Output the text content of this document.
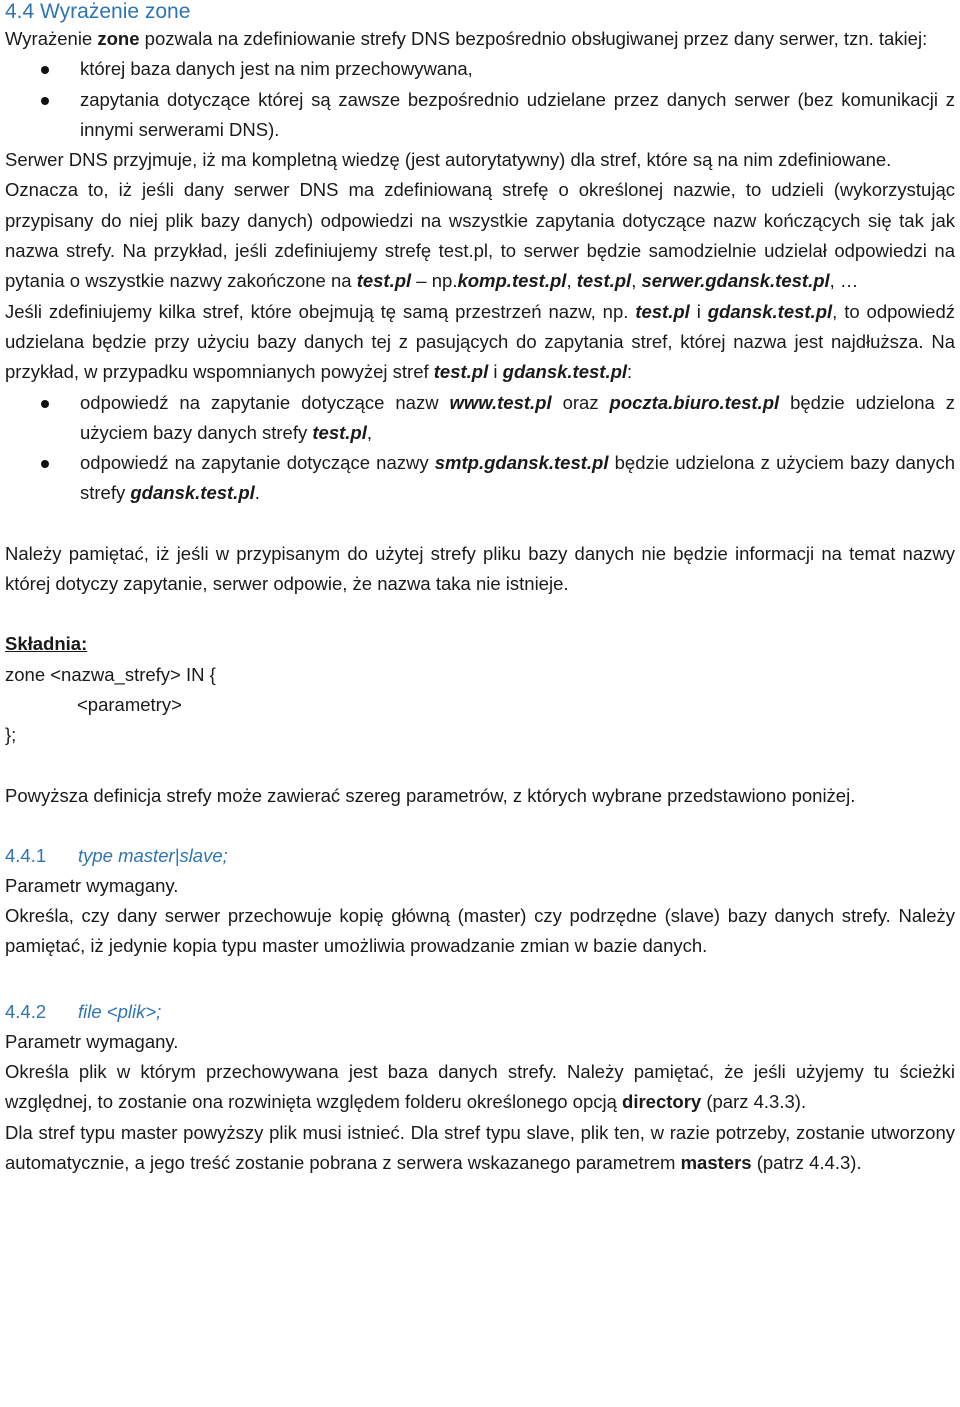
4.4 Wyrażenie zone

Wyrażenie zone pozwala na zdefiniowanie strefy DNS bezpośrednio obsługiwanej przez dany serwer, tzn. takiej:

której baza danych jest na nim przechowywana,
zapytania dotyczące której są zawsze bezpośrednio udzielane przez danych serwer (bez komunikacji z innymi serwerami DNS).

Serwer DNS przyjmuje, iż ma kompletną wiedzę (jest autorytatywny) dla stref, które są na nim zdefiniowane.

Oznacza to, iż jeśli dany serwer DNS ma zdefiniowaną strefę o określonej nazwie, to udzieli (wykorzystując przypisany do niej plik bazy danych) odpowiedzi na wszystkie zapytania dotyczące nazw kończących się tak jak nazwa strefy. Na przykład, jeśli zdefiniujemy strefę test.pl, to serwer będzie samodzielnie udzielał odpowiedzi na pytania o wszystkie nazwy zakończone na test.pl – np.komp.test.pl, test.pl, serwer.gdansk.test.pl, …

Jeśli zdefiniujemy kilka stref, które obejmują tę samą przestrzeń nazw, np. test.pl i gdansk.test.pl, to odpowiedź udzielana będzie przy użyciu bazy danych tej z pasujących do zapytania stref, której nazwa jest najdłuższa. Na przykład, w przypadku wspomnianych powyżej stref test.pl i gdansk.test.pl:

odpowiedź na zapytanie dotyczące nazw www.test.pl oraz poczta.biuro.test.pl będzie udzielona z użyciem bazy danych strefy test.pl,
odpowiedź na zapytanie dotyczące nazwy smtp.gdansk.test.pl będzie udzielona z użyciem bazy danych strefy gdansk.test.pl.

Należy pamiętać, iż jeśli w przypisanym do użytej strefy pliku bazy danych nie będzie informacji na temat nazwy której dotyczy zapytanie, serwer odpowie, że nazwa taka nie istnieje.

Składnia:

zone <nazwa_strefy> IN {

<parametry>

};

Powyższa definicja strefy może zawierać szereg parametrów, z których wybrane przedstawiono poniżej.

4.4.1 type master|slave;

Parametr wymagany.

Określa, czy dany serwer przechowuje kopię główną (master) czy podrzędne (slave) bazy danych strefy. Należy pamiętać, iż jedynie kopia typu master umożliwia prowadzanie zmian w bazie danych.

4.4.2 file <plik>;

Parametr wymagany.

Określa plik w którym przechowywana jest baza danych strefy. Należy pamiętać, że jeśli użyjemy tu ścieżki względnej, to zostanie ona rozwinięta względem folderu określonego opcją directory (parz 4.3.3).

Dla stref typu master powyższy plik musi istnieć. Dla stref typu slave, plik ten, w razie potrzeby, zostanie utworzony automatycznie, a jego treść zostanie pobrana z serwera wskazanego parametrem masters (patrz 4.4.3).
